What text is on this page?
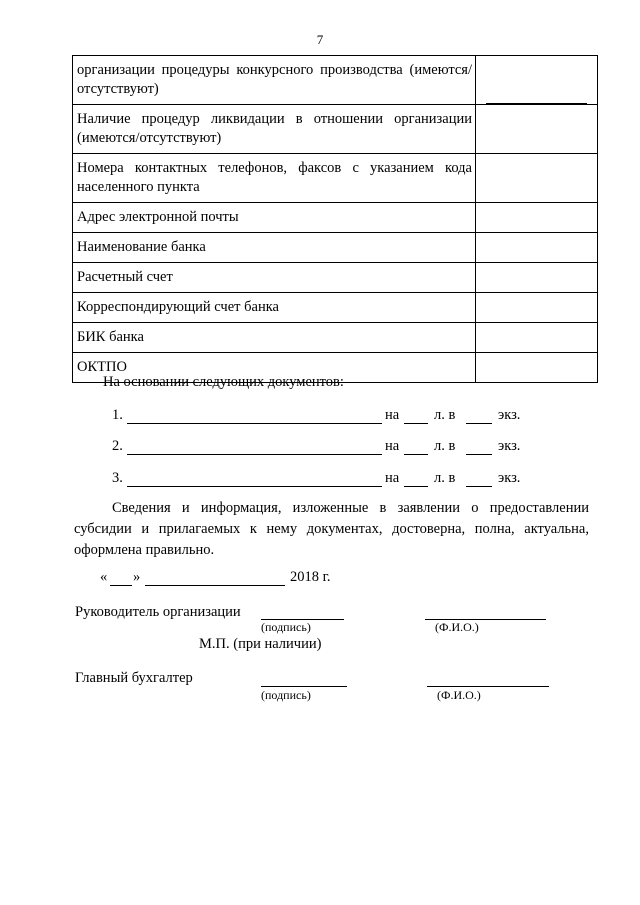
7
организации процедуры конкурсного производства (имеются/отсутствуют)	

Наличие процедур ликвидации в отношении организации (имеются/отсутствуют)	
Номера контактных телефонов, факсов с указанием кода населенного пункта	
Адрес электронной почты	
Наименование банка	
Расчетный счет	
Корреспондирующий счет банка	
БИК банка	
ОКТПО	
На основании следующих документов:
1.	на л. в	экз.
2.	на л. в	экз.
3.	на л. в	экз.
Сведения и информация, изложенные в заявлении о предоставлении субсидии и прилагаемых к нему документах, достоверна, полна, актуальна, оформлена правильно.
« »	2018 г.
Руководитель организации
(подпись)	(Ф.И.О.)
М.П. (при наличии)
Главный бухгалтер
(подпись)	(Ф.И.О.)
